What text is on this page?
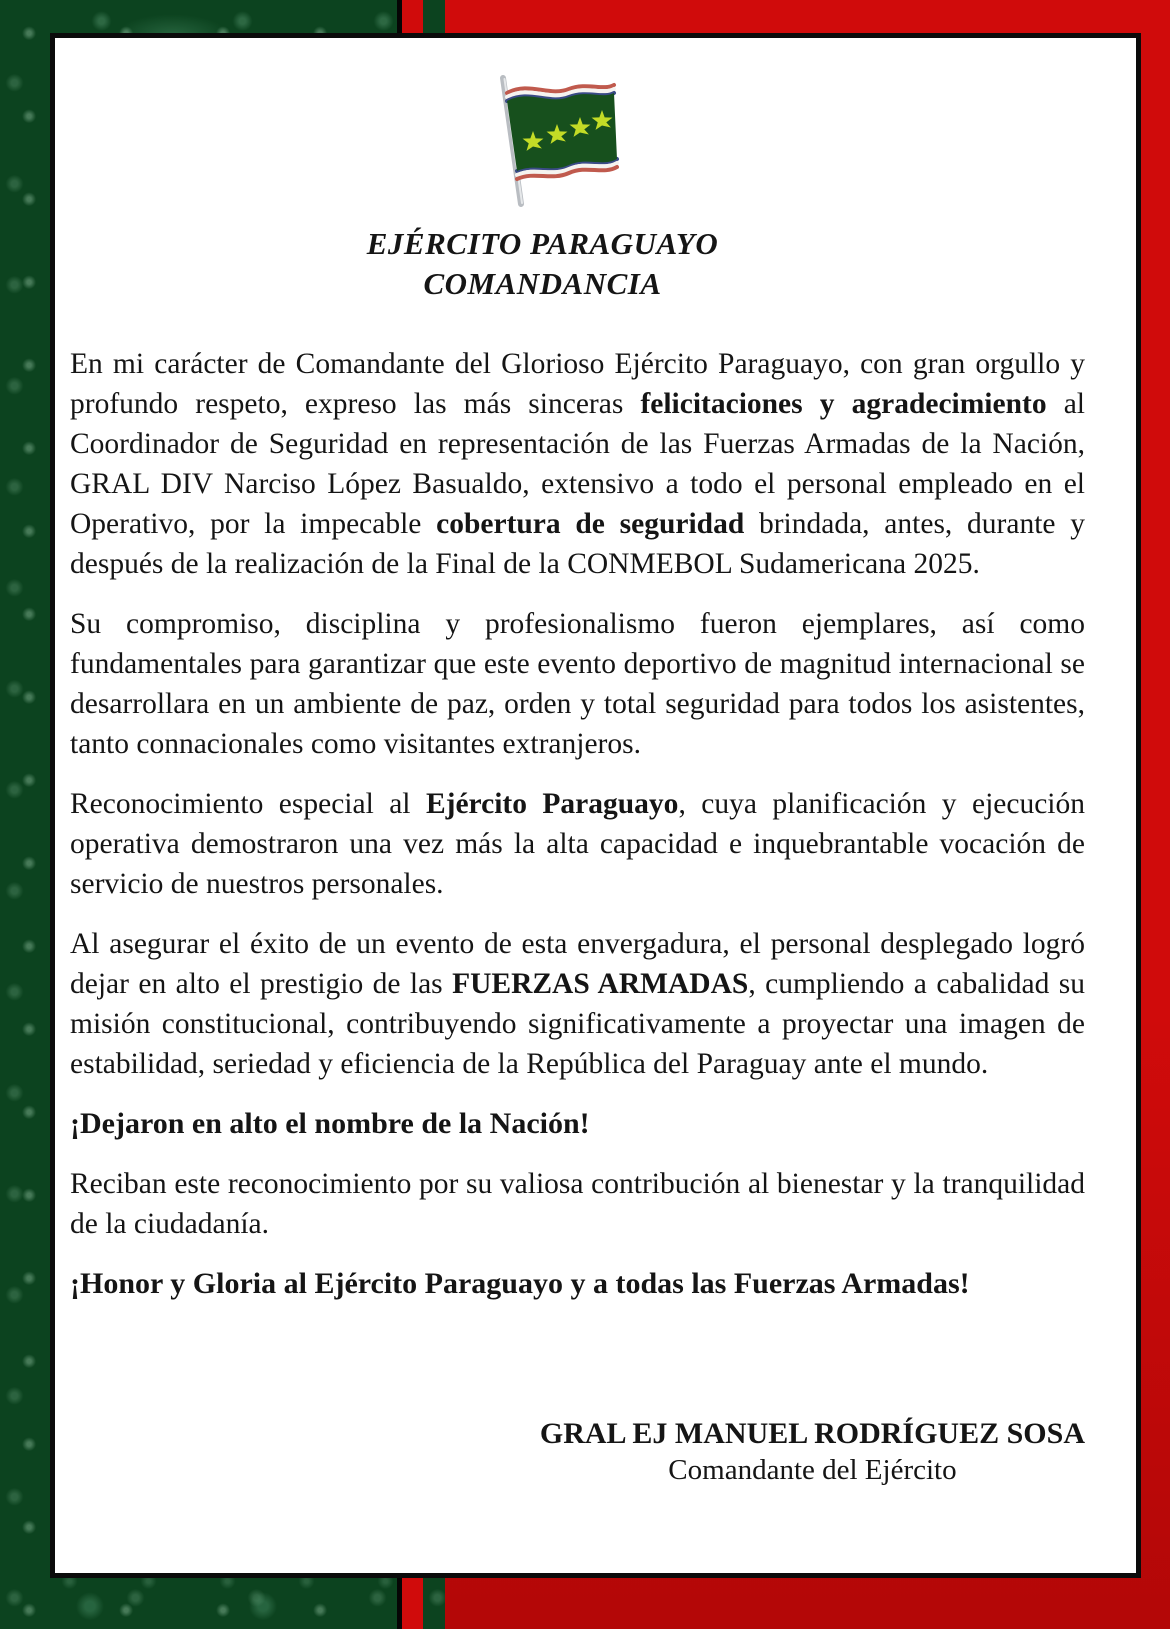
EJÉRCITO PARAGUAYO
COMANDANCIA

En mi carácter de Comandante del Glorioso Ejército Paraguayo, con gran orgullo y profundo respeto, expreso las más sinceras felicitaciones y agradecimiento al Coordinador de Seguridad en representación de las Fuerzas Armadas de la Nación, GRAL DIV Narciso López Basualdo, extensivo a todo el personal empleado en el Operativo, por la impecable cobertura de seguridad brindada, antes, durante y después de la realización de la Final de la CONMEBOL Sudamericana 2025.

Su compromiso, disciplina y profesionalismo fueron ejemplares, así como fundamentales para garantizar que este evento deportivo de magnitud internacional se desarrollara en un ambiente de paz, orden y total seguridad para todos los asistentes, tanto connacionales como visitantes extranjeros.

Reconocimiento especial al Ejército Paraguayo, cuya planificación y ejecución operativa demostraron una vez más la alta capacidad e inquebrantable vocación de servicio de nuestros personales.

Al asegurar el éxito de un evento de esta envergadura, el personal desplegado logró dejar en alto el prestigio de las FUERZAS ARMADAS, cumpliendo a cabalidad su misión constitucional, contribuyendo significativamente a proyectar una imagen de estabilidad, seriedad y eficiencia de la República del Paraguay ante el mundo.

¡Dejaron en alto el nombre de la Nación!

Reciban este reconocimiento por su valiosa contribución al bienestar y la tranquilidad de la ciudadanía.

¡Honor y Gloria al Ejército Paraguayo y a todas las Fuerzas Armadas!

GRAL EJ MANUEL RODRÍGUEZ SOSA
Comandante del Ejército
